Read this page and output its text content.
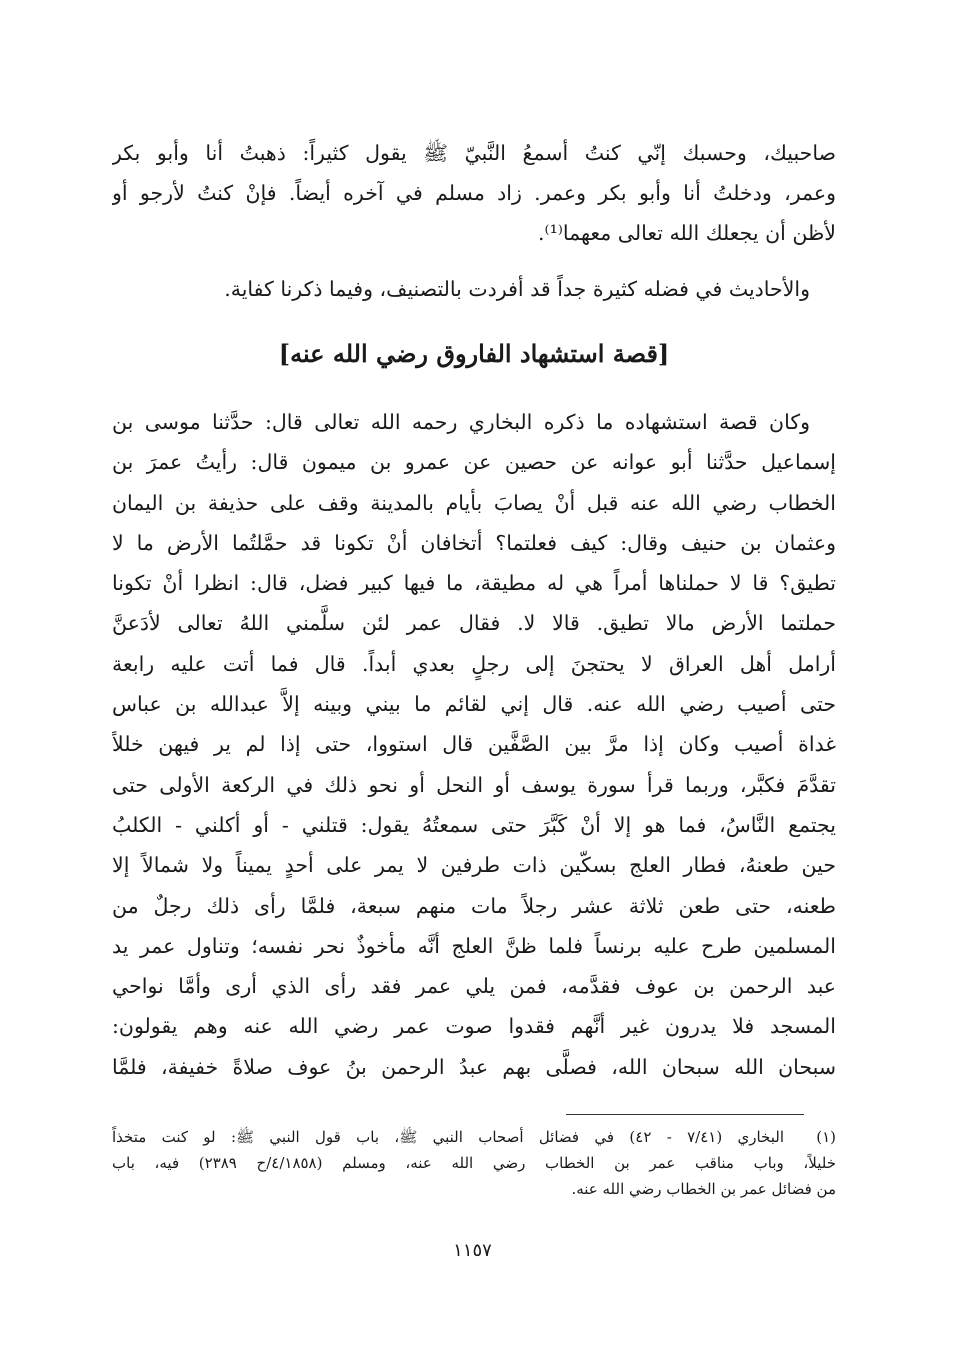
صاحبيك، وحسبك إنّي كنتُ أسمعُ النَّبيّ ﷺ يقول كثيراً: ذهبتُ أنا وأبو بكر
وعمر، ودخلتُ أنا وأبو بكر وعمر. زاد مسلم في آخره أيضاً. فإنْ كنتُ لأرجو أو
لأظن أن يجعلك الله تعالى معهما⁽¹⁾.
والأحاديث في فضله كثيرة جداً قد أفردت بالتصنيف، وفيما ذكرنا كفاية.
[قصة استشهاد الفاروق رضي الله عنه]
وكان قصة استشهاده ما ذكره البخاري رحمه الله تعالى قال: حدَّثنا موسى بن
إسماعيل حدَّثنا أبو عوانه عن حصين عن عمرو بن ميمون قال: رأيتُ عمرَ بن
الخطاب رضي الله عنه قبل أنْ يصابَ بأيام بالمدينة وقف على حذيفة بن اليمان
وعثمان بن حنيف وقال: كيف فعلتما؟ أتخافان أنْ تكونا قد حمَّلتُما الأرض ما لا
تطيق؟ قا لا حملناها أمراً هي له مطيقة، ما فيها كبير فضل، قال: انظرا أنْ تكونا
حملتما الأرض مالا تطيق. قالا لا. فقال عمر لئن سلَّمني اللهُ تعالى لأدَعنَّ
أرامل أهل العراق لا يحتجنَ إلى رجلٍ بعدي أبداً. قال فما أتت عليه رابعة
حتى أصيب رضي الله عنه. قال إني لقائم ما بيني وبينه إلاَّ عبدالله بن عباس
غداة أصيب وكان إذا مرَّ بين الصَّفَّين قال استووا، حتى إذا لم ير فيهن خللاً
تقدَّمَ فكبَّر، وربما قرأ سورة يوسف أو النحل أو نحو ذلك في الركعة الأولى حتى
يجتمع النَّاسُ، فما هو إلا أنْ كَبَّرَ حتى سمعتُهُ يقول: قتلني - أو أكلني - الكلبُ
حين طعنهُ، فطار العلج بسكّين ذات طرفين لا يمر على أحدٍ يميناً ولا شمالاً إلا
طعنه، حتى طعن ثلاثة عشر رجلاً مات منهم سبعة، فلمَّا رأى ذلك رجلٌ من
المسلمين طرح عليه برنساً فلما ظنَّ العلج أنَّه مأخوذٌ نحر نفسه؛ وتناول عمر يد
عبد الرحمن بن عوف فقدَّمه، فمن يلي عمر فقد رأى الذي أرى وأمَّا نواحي
المسجد فلا يدرون غير أنَّهم فقدوا صوت عمر رضي الله عنه وهم يقولون:
سبحان الله سبحان الله، فصلَّى بهم عبدُ الرحمن بنُ عوف صلاةً خفيفة، فلمَّا
(١)
البخاري (٧/٤١ - ٤٢) في فضائل أصحاب النبي ﷺ، باب قول النبي ﷺ: لو كنت متخذاً
خليلاً، وباب مناقب عمر بن الخطاب رضي الله عنه، ومسلم (٤/١٨٥٨/ح ٢٣٨٩) فيه، باب
من فضائل عمر بن الخطاب رضي الله عنه.
١١٥٧
